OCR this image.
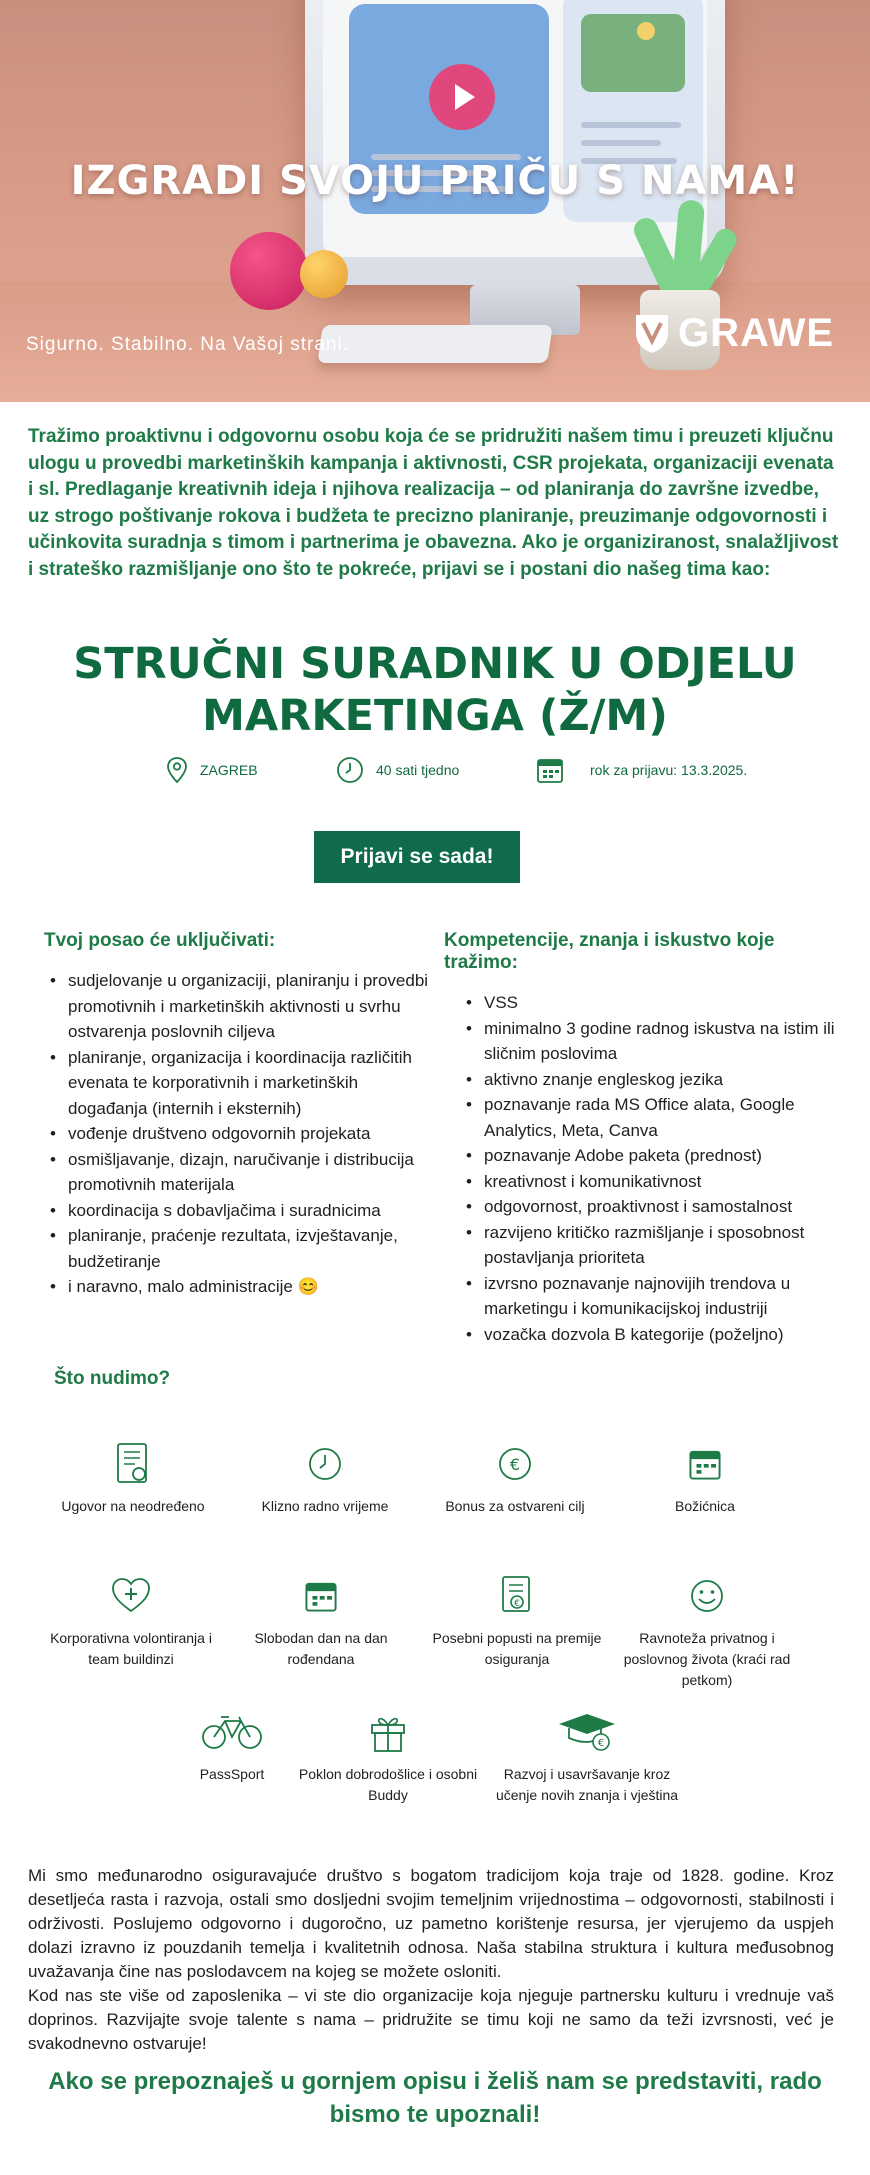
IZGRADI SVOJU PRIČU S NAMA!
Sigurno. Stabilno. Na Vašoj strani.	GRAWE
Tražimo proaktivnu i odgovornu osobu koja će se pridružiti našem timu i preuzeti ključnu ulogu u provedbi marketinških kampanja i aktivnosti, CSR projekata, organizaciji evenata i sl. Predlaganje kreativnih ideja i njihova realizacija – od planiranja do završne izvedbe, uz strogo poštivanje rokova i budžeta te precizno planiranje, preuzimanje odgovornosti i učinkovita suradnja s timom i partnerima je obavezna. Ako je organiziranost, snalažljivost i strateško razmišljanje ono što te pokreće, prijavi se i postani dio našeg tima kao:
STRUČNI SURADNIK U ODJELU
MARKETINGA (Ž/M)
ZAGREB	40 sati tjedno	rok za prijavu: 13.3.2025.
Prijavi se sada!
Tvoj posao će uključivati:
• sudjelovanje u organizaciji, planiranju i provedbi promotivnih i marketinških aktivnosti u svrhu ostvarenja poslovnih ciljeva
• planiranje, organizacija i koordinacija različitih evenata te korporativnih i marketinških događanja (internih i eksternih)
• vođenje društveno odgovornih projekata
• osmišljavanje, dizajn, naručivanje i distribucija promotivnih materijala
• koordinacija s dobavljačima i suradnicima
• planiranje, praćenje rezultata, izvještavanje, budžetiranje
• i naravno, malo administracije 😊
Kompetencije, znanja i iskustvo koje tražimo:
• VSS
• minimalno 3 godine radnog iskustva na istim ili sličnim poslovima
• aktivno znanje engleskog jezika
• poznavanje rada MS Office alata, Google Analytics, Meta, Canva
• poznavanje Adobe paketa (prednost)
• kreativnost i komunikativnost
• odgovornost, proaktivnost i samostalnost
• razvijeno kritičko razmišljanje i sposobnost postavljanja prioriteta
• izvrsno poznavanje najnovijih trendova u marketingu i komunikacijskoj industriji
• vozačka dozvola B kategorije (poželjno)
Što nudimo?
Ugovor na neodređeno	Klizno radno vrijeme
€
Bonus za ostvareni cilj	Božićnica
Korporativna volontiranja i team buildinzi
Slobodan dan na dan rođendana
€
Posebni popusti na premije osiguranja
Ravnoteža privatnog i poslovnog života (kraći rad petkom)
PassSport	Poklon dobrodošlice i osobni Buddy
€
Razvoj i usavršavanje kroz učenje novih znanja i vještina

Mi smo međunarodno osiguravajuće društvo s bogatom tradicijom koja traje od 1828. godine. Kroz desetljeća rasta i razvoja, ostali smo dosljedni svojim temeljnim vrijednostima – odgovornosti, stabilnosti i održivosti. Poslujemo odgovorno i dugoročno, uz pametno korištenje resursa, jer vjerujemo da uspjeh dolazi izravno iz pouzdanih temelja i kvalitetnih odnosa. Naša stabilna struktura i kultura međusobnog uvažavanja čine nas poslodavcem na kojeg se možete osloniti.

Kod nas ste više od zaposlenika – vi ste dio organizacije koja njeguje partnersku kulturu i vrednuje vaš doprinos. Razvijajte svoje talente s nama – pridružite se timu koji ne samo da teži izvrsnosti, već je svakodnevno ostvaruje!

Ako se prepoznaješ u gornjem opisu i želiš nam se predstaviti, rado bismo te upoznali!
